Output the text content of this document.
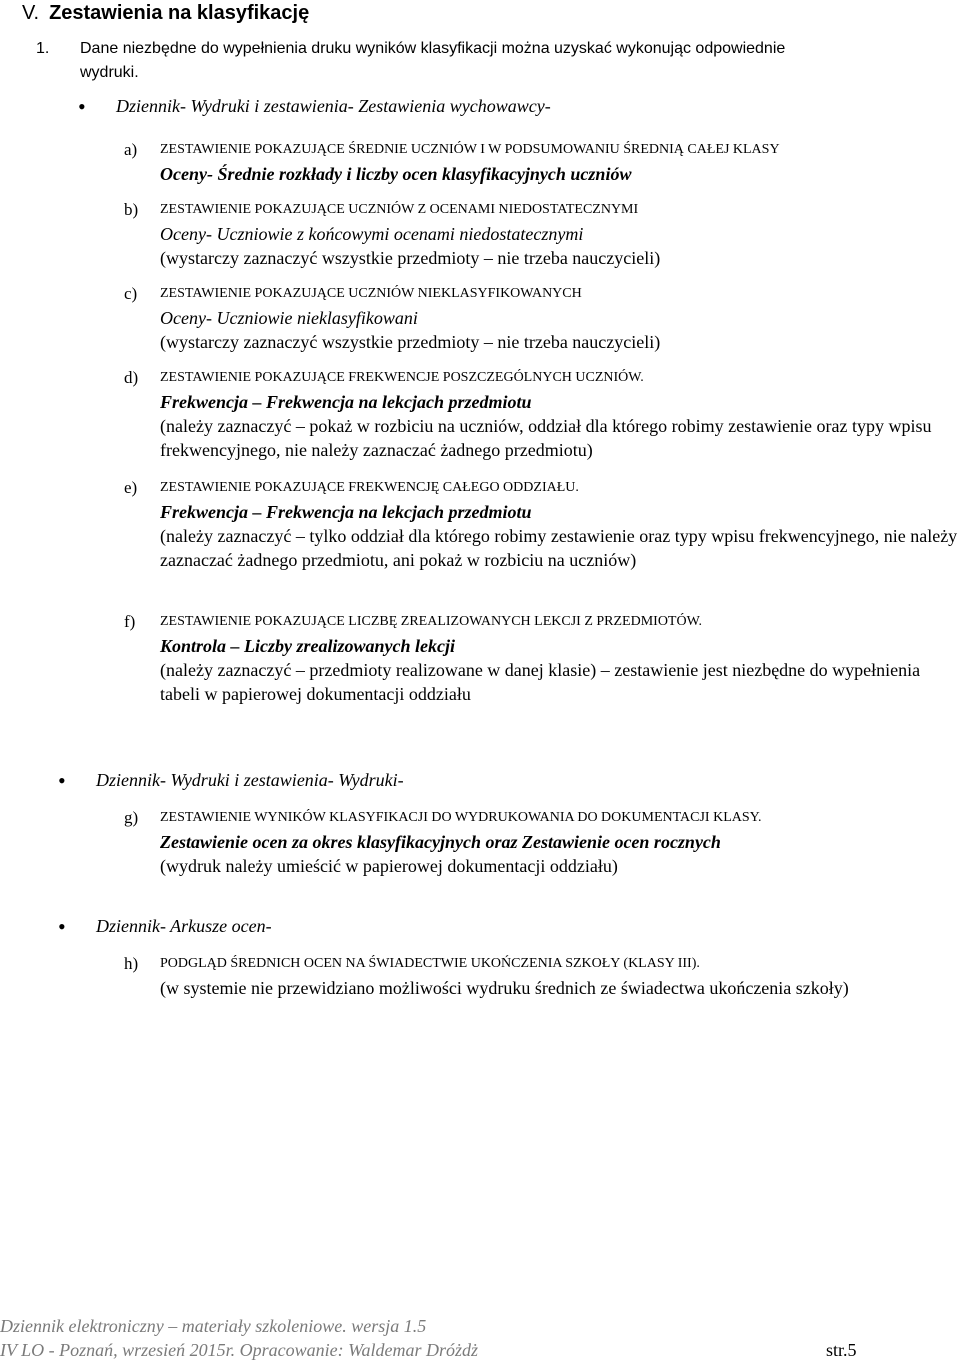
V. Zestawienia na klasyfikację
1. Dane niezbędne do wypełnienia druku wyników klasyfikacji można uzyskać wykonując odpowiednie
wydruki.
• Dziennik- Wydruki i zestawienia- Zestawienia wychowawcy-
a) ZESTAWIENIE POKAZUJĄCE ŚREDNIE UCZNIÓW I W PODSUMOWANIU ŚREDNIĄ CAŁEJ KLASY
Oceny- Średnie rozkłady i liczby ocen klasyfikacyjnych uczniów
b) ZESTAWIENIE POKAZUJĄCE UCZNIÓW Z OCENAMI NIEDOSTATECZNYMI
Oceny- Uczniowie z końcowymi ocenami niedostatecznymi
(wystarczy zaznaczyć wszystkie przedmioty – nie trzeba nauczycieli)
c) ZESTAWIENIE POKAZUJĄCE UCZNIÓW NIEKLASYFIKOWANYCH
Oceny- Uczniowie nieklasyfikowani
(wystarczy zaznaczyć wszystkie przedmioty – nie trzeba nauczycieli)
d) ZESTAWIENIE POKAZUJĄCE FREKWENCJE POSZCZEGÓLNYCH UCZNIÓW.
Frekwencja – Frekwencja na lekcjach przedmiotu
(należy zaznaczyć – pokaż w rozbiciu na uczniów, oddział dla którego robimy zestawienie oraz typy wpisu frekwencyjnego, nie należy zaznaczać żadnego przedmiotu)
e) ZESTAWIENIE POKAZUJĄCE FREKWENCJĘ CAŁEGO ODDZIAŁU.
Frekwencja – Frekwencja na lekcjach przedmiotu
(należy zaznaczyć – tylko oddział dla którego robimy zestawienie oraz typy wpisu frekwencyjnego, nie należy zaznaczać żadnego przedmiotu, ani pokaż w rozbiciu na uczniów)
f) ZESTAWIENIE POKAZUJĄCE LICZBĘ ZREALIZOWANYCH LEKCJI Z PRZEDMIOTÓW.
Kontrola – Liczby zrealizowanych lekcji
(należy zaznaczyć – przedmioty realizowane w danej klasie) – zestawienie jest niezbędne do wypełnienia tabeli w papierowej dokumentacji oddziału
• Dziennik- Wydruki i zestawienia- Wydruki-
g) ZESTAWIENIE WYNIKÓW KLASYFIKACJI DO WYDRUKOWANIA DO DOKUMENTACJI KLASY.
Zestawienie ocen za okres klasyfikacyjnych oraz Zestawienie ocen rocznych
(wydruk należy umieścić w papierowej dokumentacji oddziału)
• Dziennik- Arkusze ocen-
h) PODGLĄD ŚREDNICH OCEN NA ŚWIADECTWIE UKOŃCZENIA SZKOŁY (KLASY III).
(w systemie nie przewidziano możliwości wydruku średnich ze świadectwa ukończenia szkoły)
Dziennik elektroniczny – materiały szkoleniowe. wersja 1.5
IV LO - Poznań, wrzesień 2015r. Opracowanie: Waldemar Dróżdż	str.5
